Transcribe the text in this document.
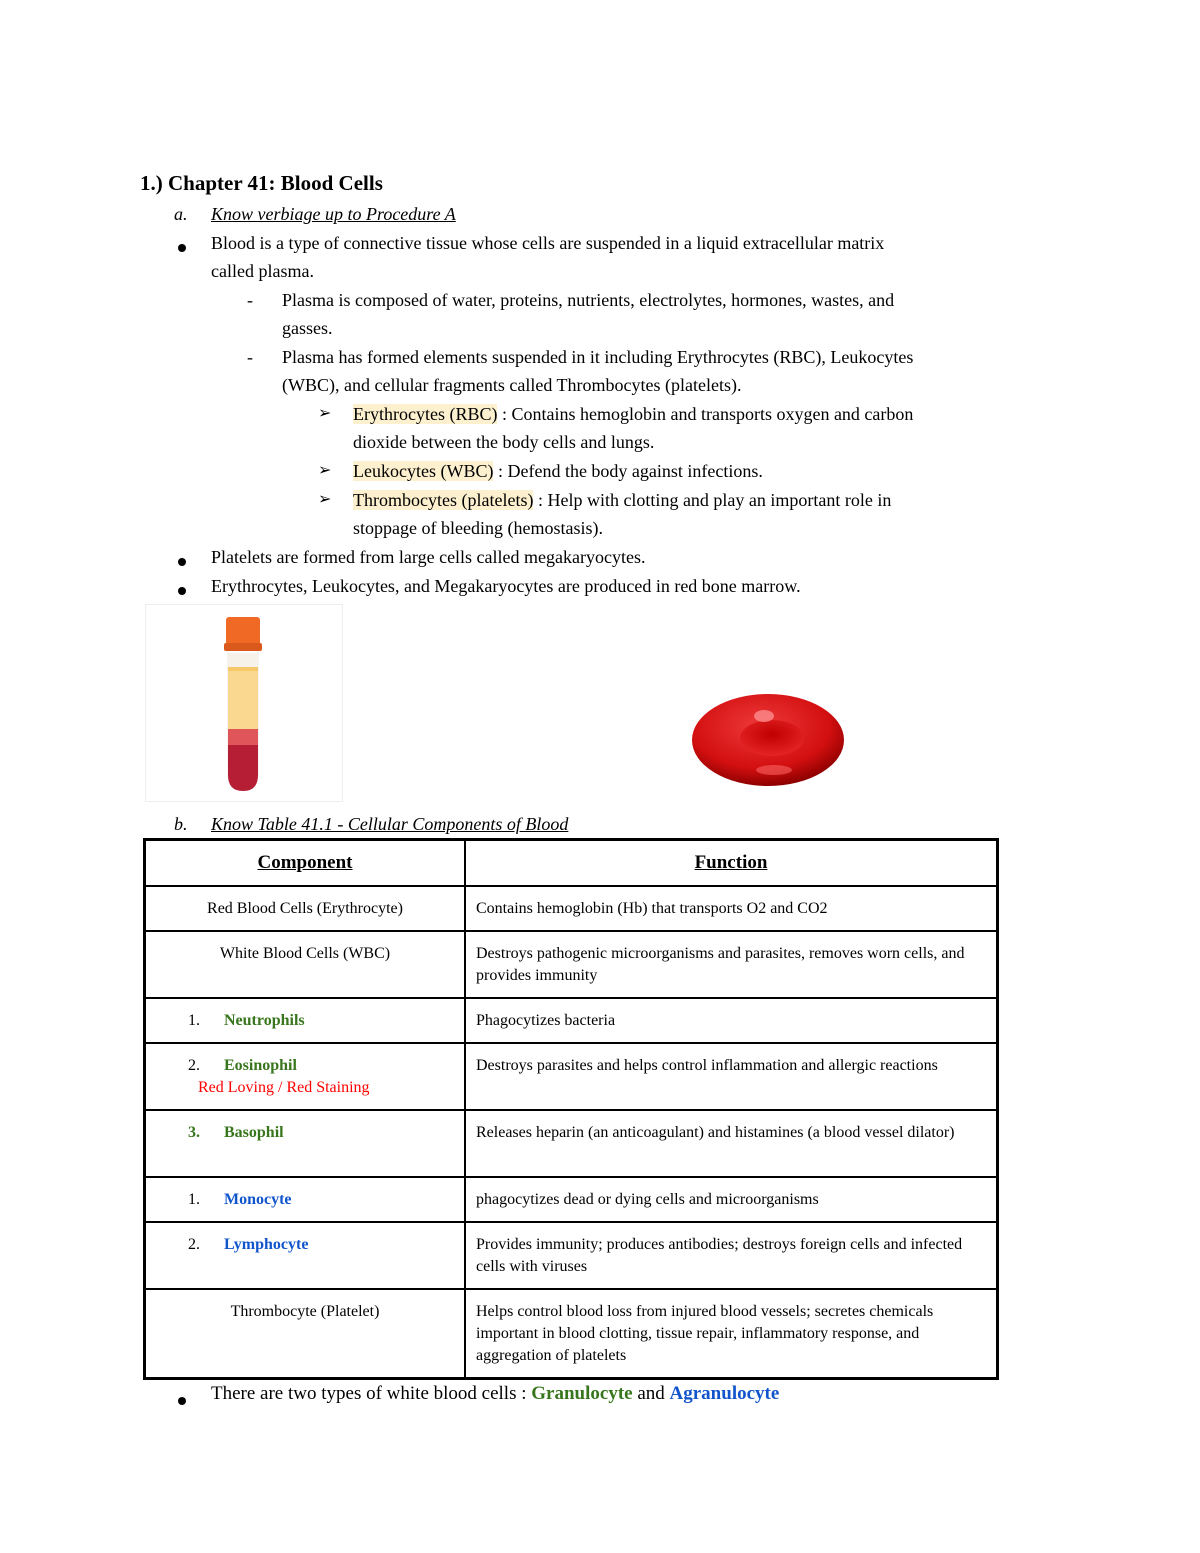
1.) Chapter 41: Blood Cells
a. Know verbiage up to Procedure A
Blood is a type of connective tissue whose cells are suspended in a liquid extracellular matrix
called plasma.
- Plasma is composed of water, proteins, nutrients, electrolytes, hormones, wastes, and
gasses.
- Plasma has formed elements suspended in it including Erythrocytes (RBC), Leukocytes
(WBC), and cellular fragments called Thrombocytes (platelets).
➢ Erythrocytes (RBC) : Contains hemoglobin and transports oxygen and carbon
dioxide between the body cells and lungs.
➢ Leukocytes (WBC) : Defend the body against infections.
➢ Thrombocytes (platelets) : Help with clotting and play an important role in
stoppage of bleeding (hemostasis).
Platelets are formed from large cells called megakaryocytes.
Erythrocytes, Leukocytes, and Megakaryocytes are produced in red bone marrow.
b. Know Table 41.1 - Cellular Components of Blood
Component	Function
Red Blood Cells (Erythrocyte)	Contains hemoglobin (Hb) that transports O2 and CO2
White Blood Cells (WBC)	Destroys pathogenic microorganisms and parasites, removes worn cells, and provides immunity
1. Neutrophils	Phagocytizes bacteria

2. Eosinophil
Red Loving / Red Staining	Destroys parasites and helps control inflammation and allergic reactions
3. Basophil	Releases heparin (an anticoagulant) and histamines (a blood vessel dilator)
1. Monocyte	phagocytizes dead or dying cells and microorganisms
2. Lymphocyte	Provides immunity; produces antibodies; destroys foreign cells and infected cells with viruses
Thrombocyte (Platelet)	Helps control blood loss from injured blood vessels; secretes chemicals important in blood clotting, tissue repair, inflammatory response, and aggregation of platelets
There are two types of white blood cells : Granulocyte and Agranulocyte
